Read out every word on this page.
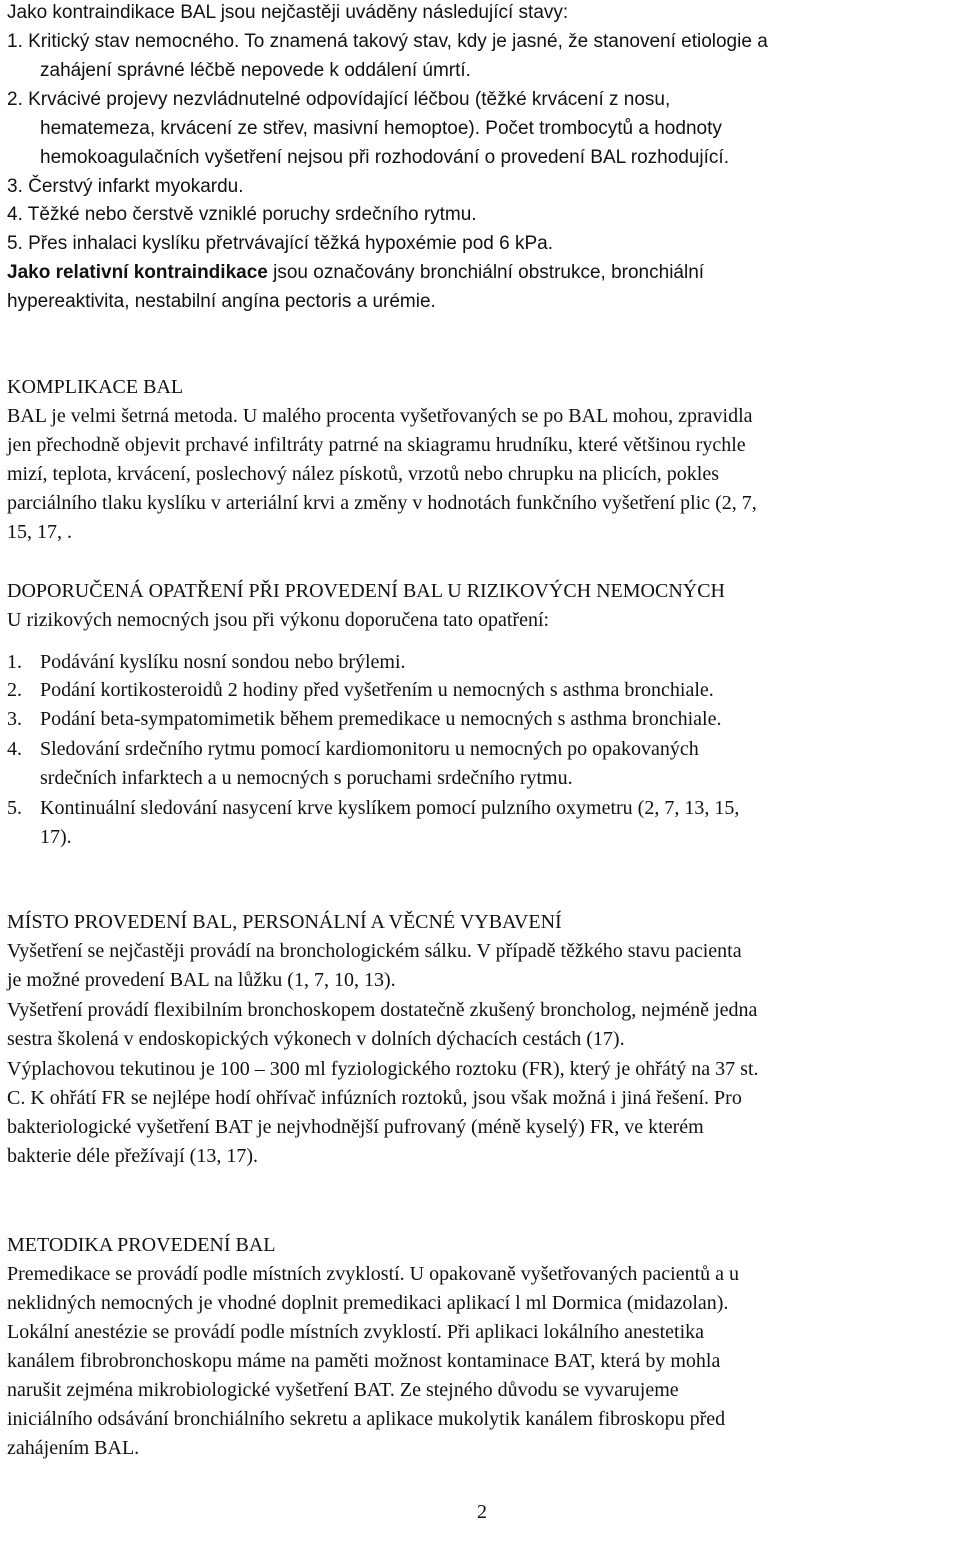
Jako kontraindikace BAL jsou nejčastěji uváděny následující stavy:
1. Kritický stav nemocného. To znamená takový stav, kdy je jasné, že stanovení etiologie a
zahájení správné léčbě nepovede k oddálení úmrtí.
2. Krvácivé projevy nezvládnutelné odpovídající léčbou (těžké krvácení z nosu,
hematemeza, krvácení ze střev, masivní hemoptoe). Počet trombocytů a hodnoty
hemokoagulačních vyšetření nejsou při rozhodování o provedení BAL rozhodující.
3. Čerstvý infarkt myokardu.
4. Těžké nebo čerstvě vzniklé poruchy srdečního rytmu.
5. Přes inhalaci kyslíku přetrvávající těžká hypoxémie pod 6 kPa.
Jako relativní kontraindikace jsou označovány bronchiální obstrukce, bronchiální
hypereaktivita, nestabilní angína pectoris a urémie.
KOMPLIKACE BAL
BAL je velmi šetrná metoda. U malého procenta vyšetřovaných se po BAL mohou, zpravidla
jen přechodně objevit prchavé infiltráty patrné na skiagramu hrudníku, které většinou rychle
mizí, teplota, krvácení, poslechový nález pískotů, vrzotů nebo chrupku na plicích, pokles
parciálního tlaku kyslíku v arteriální krvi a změny v hodnotách funkčního vyšetření plic (2, 7,
15, 17, .
DOPORUČENÁ OPATŘENÍ PŘI PROVEDENÍ BAL U RIZIKOVÝCH NEMOCNÝCH
U rizikových nemocných jsou při výkonu doporučena tato opatření:
1. Podávání kyslíku nosní sondou nebo brýlemi.
2. Podání kortikosteroidů 2 hodiny před vyšetřením u nemocných s asthma bronchiale.
3. Podání beta-sympatomimetik během premedikace u nemocných s asthma bronchiale.
4. Sledování srdečního rytmu pomocí kardiomonitoru u nemocných po opakovaných
srdečních infarktech a u nemocných s poruchami srdečního rytmu.
5. Kontinuální sledování nasycení krve kyslíkem pomocí pulzního oxymetru (2, 7, 13, 15,
17).
MÍSTO PROVEDENÍ BAL, PERSONÁLNÍ A VĚCNÉ VYBAVENÍ
Vyšetření se nejčastěji provádí na bronchologickém sálku. V případě těžkého stavu pacienta
je možné provedení BAL na lůžku (1, 7, 10, 13).
Vyšetření provádí flexibilním bronchoskopem dostatečně zkušený broncholog, nejméně jedna
sestra školená v endoskopických výkonech v dolních dýchacích cestách (17).
Výplachovou tekutinou je 100 – 300 ml fyziologického roztoku (FR), který je ohřátý na 37 st.
C. K ohřátí FR se nejlépe hodí ohřívač infúzních roztoků, jsou však možná i jiná řešení. Pro
bakteriologické vyšetření BAT je nejvhodnější pufrovaný (méně kyselý) FR, ve kterém
bakterie déle přežívají (13, 17).
METODIKA PROVEDENÍ BAL
Premedikace se provádí podle místních zvyklostí. U opakovaně vyšetřovaných pacientů a u
neklidných nemocných je vhodné doplnit premedikaci aplikací l ml Dormica (midazolan).
Lokální anestézie se provádí podle místních zvyklostí. Při aplikaci lokálního anestetika
kanálem fibrobronchoskopu máme na paměti možnost kontaminace BAT, která by mohla
narušit zejména mikrobiologické vyšetření BAT. Ze stejného důvodu se vyvarujeme
iniciálního odsávání bronchiálního sekretu a aplikace mukolytik kanálem fibroskopu před
zahájením BAL.
2
